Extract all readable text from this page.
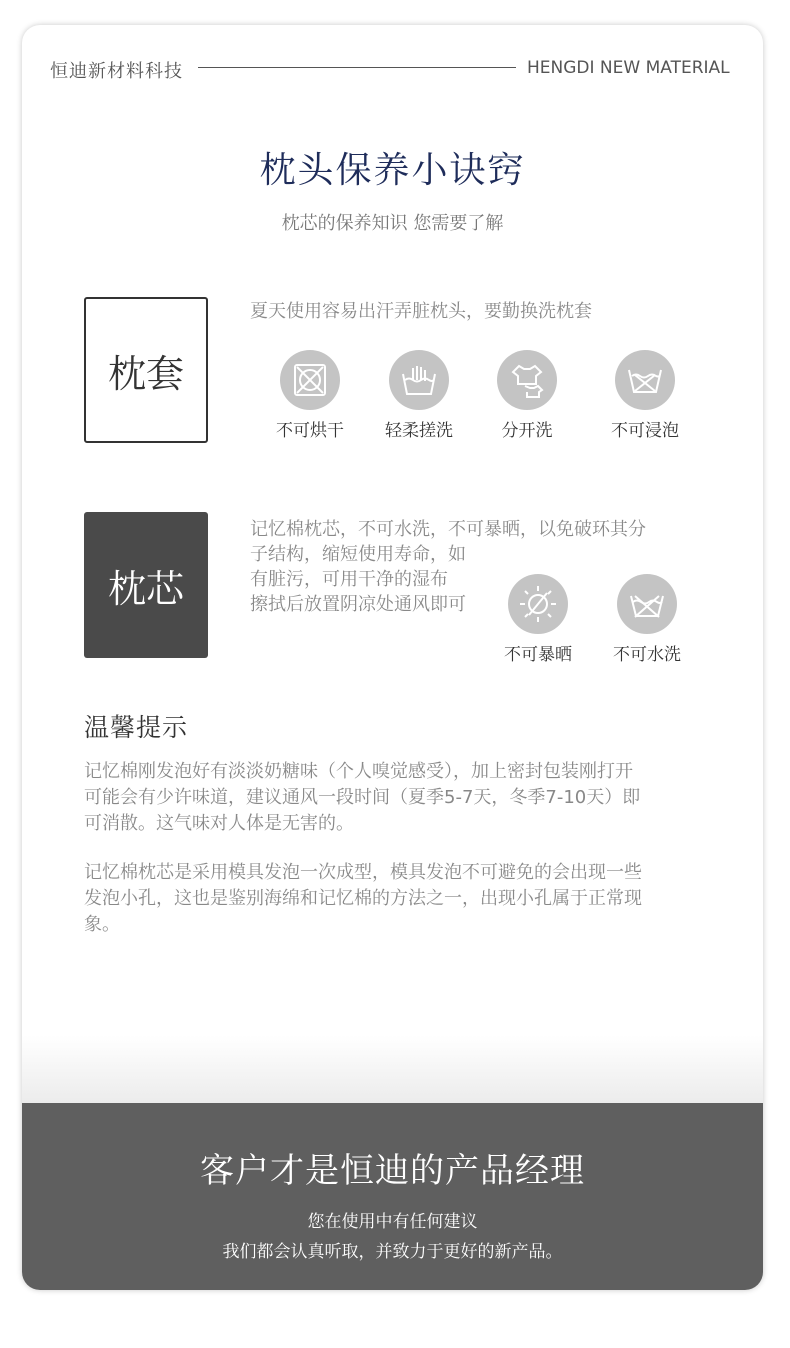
恒迪新材料科技	HENGDI NEW MATERIAL
枕头保养小诀窍
枕芯的保养知识 您需要了解
枕套
夏天使用容易出汗弄脏枕头，要勤换洗枕套
不可烘干	轻柔搓洗	分开洗	不可浸泡
枕芯
记忆棉枕芯，不可水洗，不可暴晒，以免破环其分
子结构，缩短使用寿命，如
有脏污，可用干净的湿布
擦拭后放置阴凉处通风即可
不可暴晒	不可水洗
温馨提示
记忆棉刚发泡好有淡淡奶糖味（个人嗅觉感受），加上密封包装刚打开
可能会有少许味道，建议通风一段时间（夏季5-7天，冬季7-10天）即
可消散。这气味对人体是无害的。
记忆棉枕芯是采用模具发泡一次成型，模具发泡不可避免的会出现一些
发泡小孔，这也是鉴别海绵和记忆棉的方法之一，出现小孔属于正常现
象。
客户才是恒迪的产品经理
您在使用中有任何建议
我们都会认真听取，并致力于更好的新产品。
